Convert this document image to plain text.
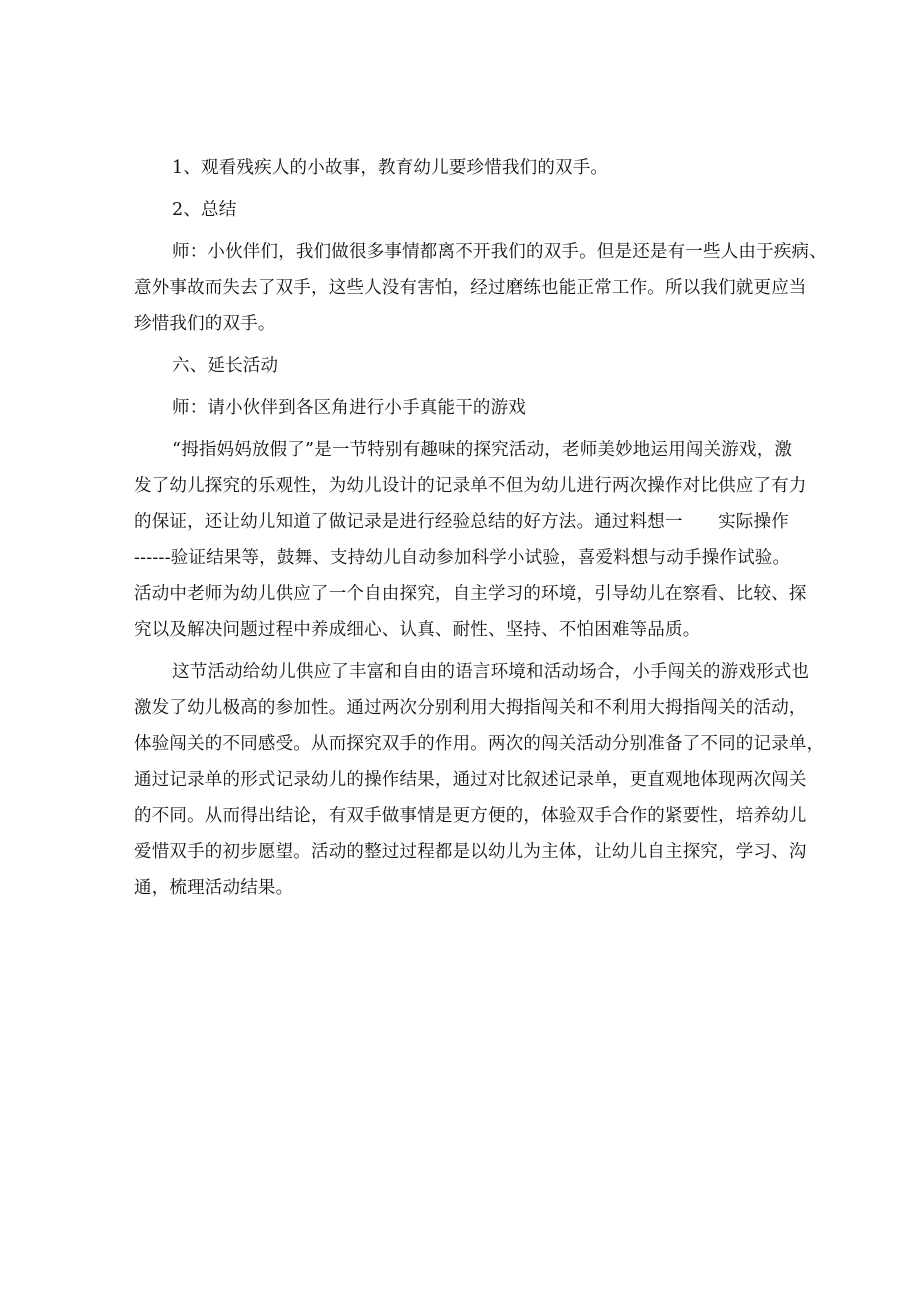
1、观看残疾人的小故事，教育幼儿要珍惜我们的双手。
2、总结
师：小伙伴们，我们做很多事情都离不开我们的双手。但是还是有一些人由于疾病、
意外事故而失去了双手，这些人没有害怕，经过磨练也能正常工作。所以我们就更应当
珍惜我们的双手。
六、延长活动
师：请小伙伴到各区角进行小手真能干的游戏
“拇指妈妈放假了”是一节特别有趣味的探究活动，老师美妙地运用闯关游戏，激
发了幼儿探究的乐观性，为幼儿设计的记录单不但为幼儿进行两次操作对比供应了有力
的保证，还让幼儿知道了做记录是进行经验总结的好方法。通过料想一　　实际操作
------验证结果等，鼓舞、支持幼儿自动参加科学小试验，喜爱料想与动手操作试验。
活动中老师为幼儿供应了一个自由探究，自主学习的环境，引导幼儿在察看、比较、探
究以及解决问题过程中养成细心、认真、耐性、坚持、不怕困难等品质。
这节活动给幼儿供应了丰富和自由的语言环境和活动场合，小手闯关的游戏形式也
激发了幼儿极高的参加性。通过两次分别利用大拇指闯关和不利用大拇指闯关的活动，
体验闯关的不同感受。从而探究双手的作用。两次的闯关活动分别准备了不同的记录单，
通过记录单的形式记录幼儿的操作结果，通过对比叙述记录单，更直观地体现两次闯关
的不同。从而得出结论，有双手做事情是更方便的，体验双手合作的紧要性，培养幼儿
爱惜双手的初步愿望。活动的整过过程都是以幼儿为主体，让幼儿自主探究，学习、沟
通，梳理活动结果。
